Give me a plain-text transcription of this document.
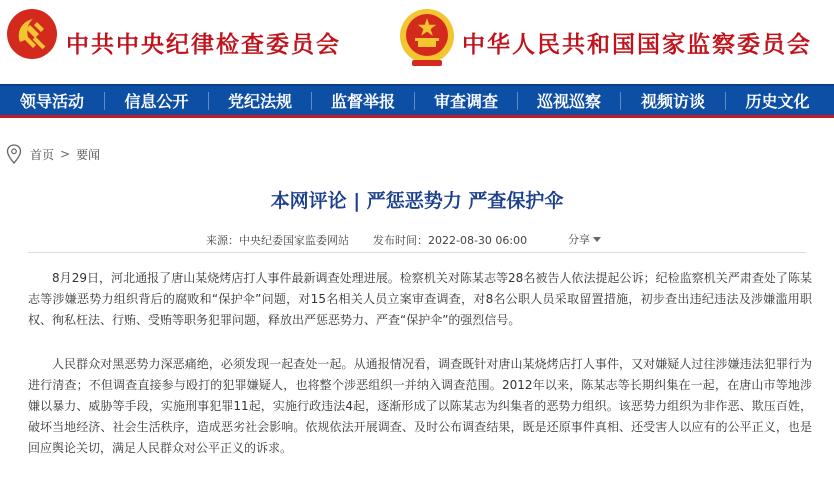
中共中央纪律检查委员会	中华人民共和国国家监察委员会
领导活动	信息公开	党纪法规	监督举报	审查调查	巡视巡察	视频访谈	历史文化
首页 > 要闻
本网评论 | 严惩恶势力 严查保护伞
来源： 中央纪委国家监委网站 发布时间： 2022-08-30 06:00	分享

8月29日，河北通报了唐山某烧烤店打人事件最新调查处理进展。检察机关对陈某志等28名被告人依法提起公诉；纪检监察机关严肃查处了陈某志等涉嫌恶势力组织背后的腐败和“保护伞”问题，对15名相关人员立案审查调查，对8名公职人员采取留置措施，初步查出违纪违法及涉嫌滥用职权、徇私枉法、行贿、受贿等职务犯罪问题，释放出严惩恶势力、严查“保护伞”的强烈信号。

人民群众对黑恶势力深恶痛绝，必须发现一起查处一起。从通报情况看，调查既针对唐山某烧烤店打人事件，又对嫌疑人过往涉嫌违法犯罪行为进行清查；不但调查直接参与殴打的犯罪嫌疑人，也将整个涉恶组织一并纳入调查范围。2012年以来，陈某志等长期纠集在一起，在唐山市等地涉嫌以暴力、威胁等手段，实施刑事犯罪11起，实施行政违法4起，逐渐形成了以陈某志为纠集者的恶势力组织。该恶势力组织为非作恶、欺压百姓，破坏当地经济、社会生活秩序，造成恶劣社会影响。依规依法开展调查、及时公布调查结果，既是还原事件真相、还受害人以应有的公平正义，也是回应舆论关切，满足人民群众对公平正义的诉求。
